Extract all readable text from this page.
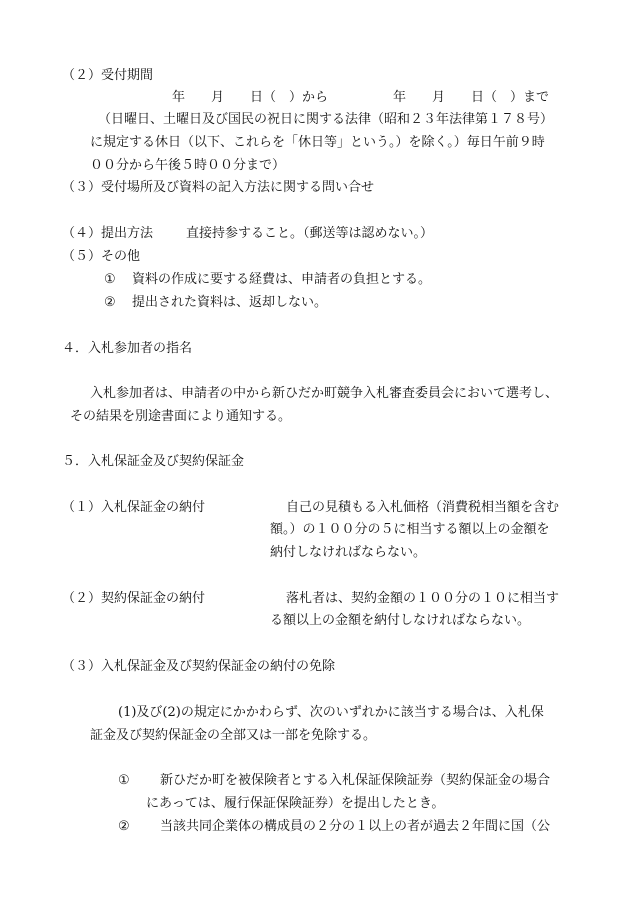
（２）受付期間
年　　月　　日（　）から　　　　　年　　月　　日（　）まで
（日曜日、土曜日及び国民の祝日に関する法律（昭和２３年法律第１７８号）
に規定する休日（以下、これらを「休日等」という。）を除く。）毎日午前９時
００分から午後５時００分まで）
（３）受付場所及び資料の記入方法に関する問い合せ
（４）提出方法	直接持参すること。（郵送等は認めない。）
（５）その他
① 資料の作成に要する経費は、申請者の負担とする。
② 提出された資料は、返却しない。
４．入札参加者の指名
入札参加者は、申請者の中から新ひだか町競争入札審査委員会において選考し、
その結果を別途書面により通知する。
５．入札保証金及び契約保証金
（１）入札保証金の納付	自己の見積もる入札価格（消費税相当額を含む
額。）の１００分の５に相当する額以上の金額を
納付しなければならない。
（２）契約保証金の納付	落札者は、契約金額の１００分の１０に相当す
る額以上の金額を納付しなければならない。
（３）入札保証金及び契約保証金の納付の免除
(1)及び(2)の規定にかかわらず、次のいずれかに該当する場合は、入札保
証金及び契約保証金の全部又は一部を免除する。
① 新ひだか町を被保険者とする入札保証保険証券（契約保証金の場合
にあっては、履行保証保険証券）を提出したとき。
② 当該共同企業体の構成員の２分の１以上の者が過去２年間に国（公
